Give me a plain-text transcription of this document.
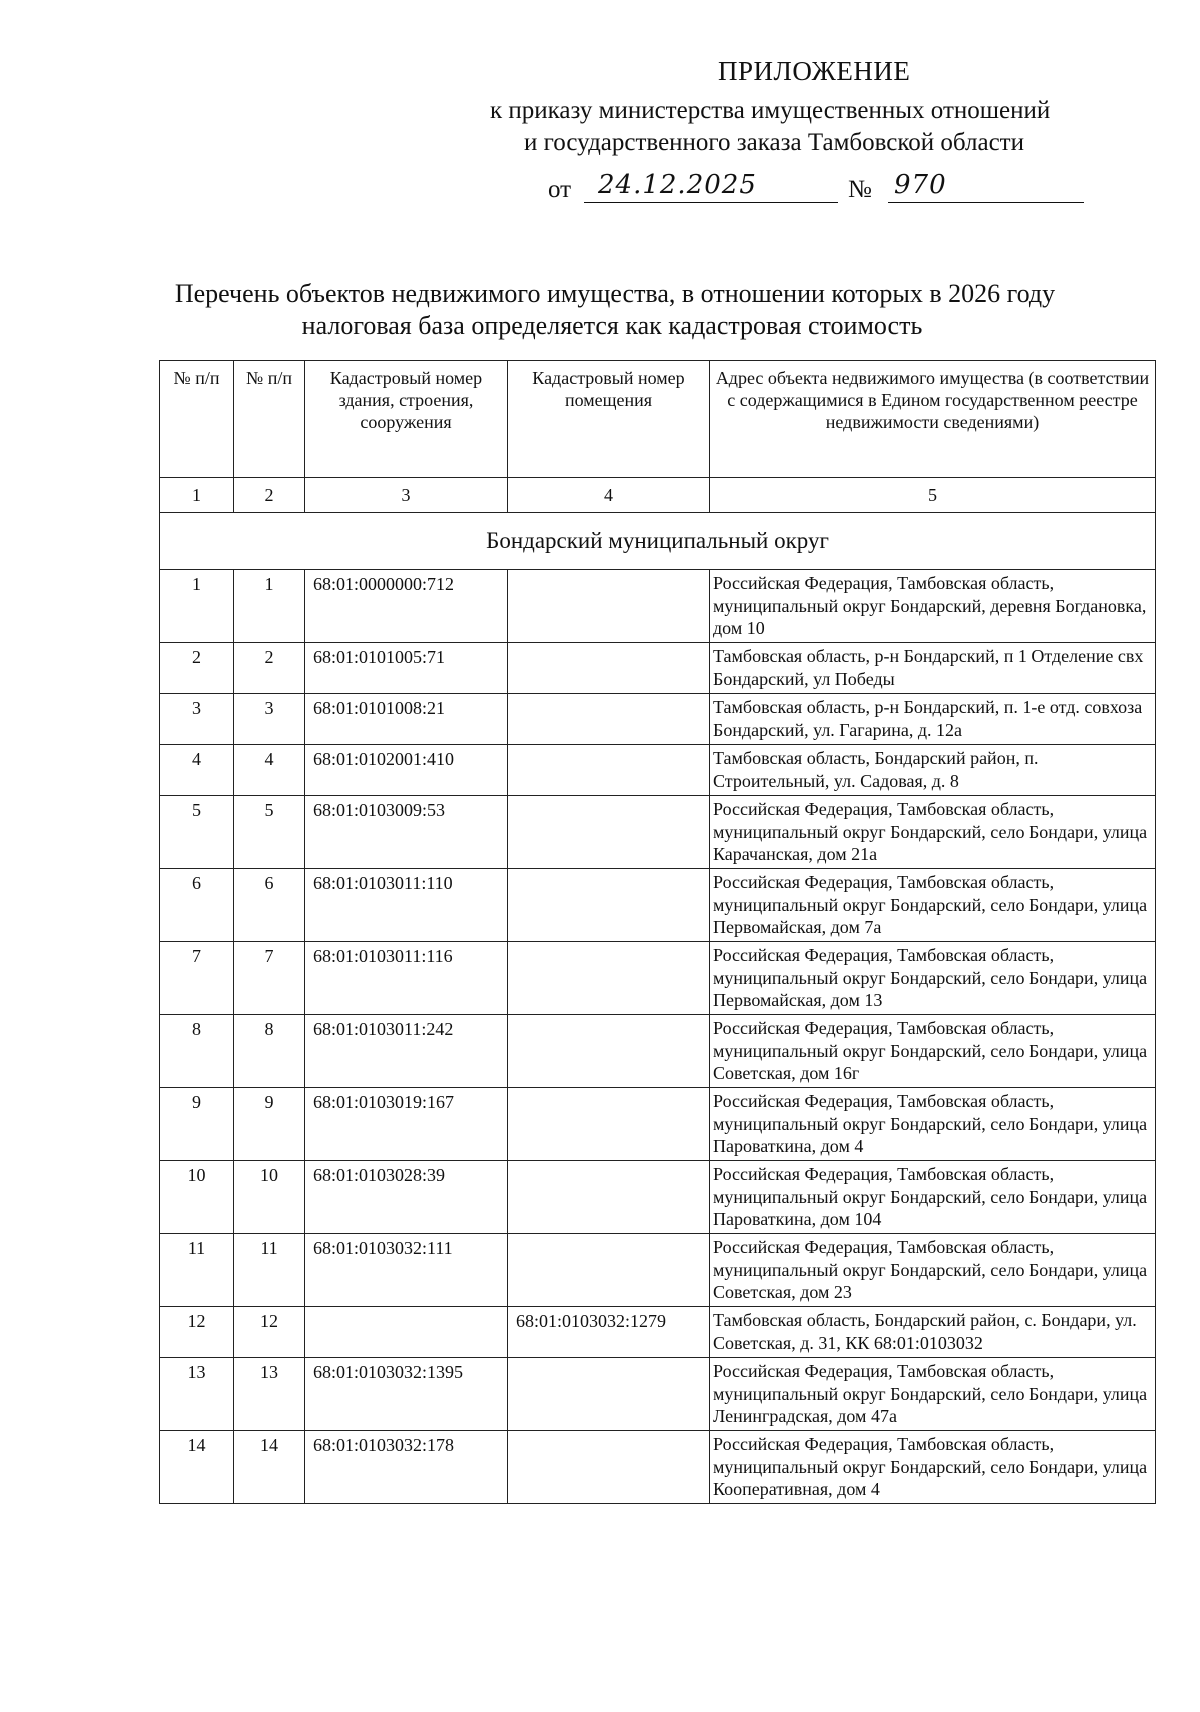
ПРИЛОЖЕНИЕ
к приказу министерства имущественных отношений
и государственного заказа Тамбовской области
от 24.12.2025	№ 970
Перечень объектов недвижимого имущества, в отношении которых в 2026 году
налоговая база определяется как кадастровая стоимость
№ п/п	№ п/п	Кадастровый номер здания, строения, сооружения	Кадастровый номер помещения	Адрес объекта недвижимого имущества (в соответствии с содержащимися в Едином государственном реестре недвижимости сведениями)
1	2	3	4	5
Бондарский муниципальный округ				
1	1	68:01:0000000:712		Российская Федерация, Тамбовская область, муниципальный округ Бондарский, деревня Богдановка, дом 10
2	2	68:01:0101005:71		Тамбовская область, р-н Бондарский, п 1 Отделение свх Бондарский, ул Победы
3	3	68:01:0101008:21		Тамбовская область, р-н Бондарский, п. 1-е отд. совхоза Бондарский, ул. Гагарина, д. 12а
4	4	68:01:0102001:410		Тамбовская область, Бондарский район, п. Строительный, ул. Садовая, д. 8
5	5	68:01:0103009:53		Российская Федерация, Тамбовская область, муниципальный округ Бондарский, село Бондари, улица Карачанская, дом 21а
6	6	68:01:0103011:110		Российская Федерация, Тамбовская область, муниципальный округ Бондарский, село Бондари, улица Первомайская, дом 7а
7	7	68:01:0103011:116		Российская Федерация, Тамбовская область, муниципальный округ Бондарский, село Бондари, улица Первомайская, дом 13
8	8	68:01:0103011:242		Российская Федерация, Тамбовская область, муниципальный округ Бондарский, село Бондари, улица Советская, дом 16г
9	9	68:01:0103019:167		Российская Федерация, Тамбовская область, муниципальный округ Бондарский, село Бондари, улица Пароваткина, дом 4
10	10	68:01:0103028:39		Российская Федерация, Тамбовская область, муниципальный округ Бондарский, село Бондари, улица Пароваткина, дом 104
11	11	68:01:0103032:111		Российская Федерация, Тамбовская область, муниципальный округ Бондарский, село Бондари, улица Советская, дом 23
12	12		68:01:0103032:1279	Тамбовская область, Бондарский район, с. Бондари, ул. Советская, д. 31, КК 68:01:0103032
13	13	68:01:0103032:1395		Российская Федерация, Тамбовская область, муниципальный округ Бондарский, село Бондари, улица Ленинградская, дом 47а
14	14	68:01:0103032:178		Российская Федерация, Тамбовская область, муниципальный округ Бондарский, село Бондари, улица Кооперативная, дом 4
